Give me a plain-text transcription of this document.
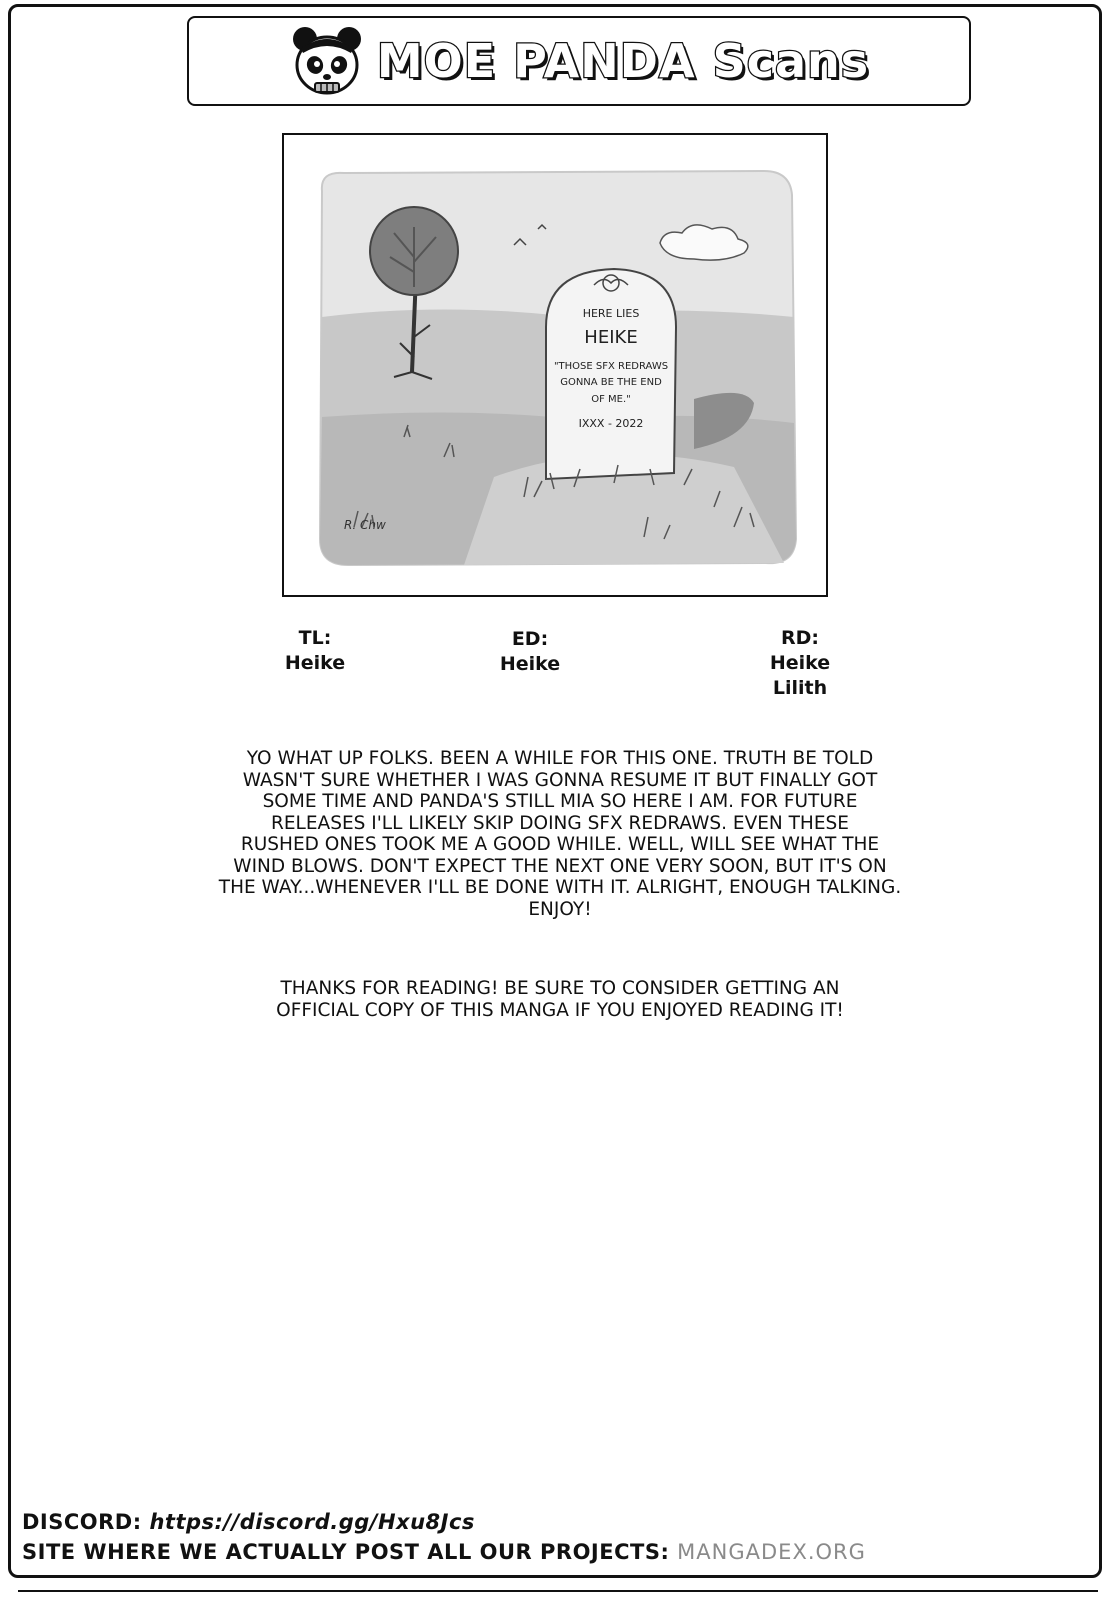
MOE PANDA Scans
HERE LIES
HEIKE
"THOSE SFX REDRAWS
GONNA BE THE END
OF ME."
IXXX - 2022
R. Chw
TL:
Heike
ED:
Heike
RD:
Heike
Lilith
YO WHAT UP FOLKS. BEEN A WHILE FOR THIS ONE. TRUTH BE TOLD
WASN'T SURE WHETHER I WAS GONNA RESUME IT BUT FINALLY GOT
SOME TIME AND PANDA'S STILL MIA SO HERE I AM. FOR FUTURE
RELEASES I'LL LIKELY SKIP DOING SFX REDRAWS. EVEN THESE
RUSHED ONES TOOK ME A GOOD WHILE. WELL, WILL SEE WHAT THE
WIND BLOWS. DON'T EXPECT THE NEXT ONE VERY SOON, BUT IT'S ON
THE WAY...WHENEVER I'LL BE DONE WITH IT. ALRIGHT, ENOUGH TALKING.
ENJOY!
THANKS FOR READING! BE SURE TO CONSIDER GETTING AN
OFFICIAL COPY OF THIS MANGA IF YOU ENJOYED READING IT!
DISCORD: https://discord.gg/Hxu8Jcs
SITE WHERE WE ACTUALLY POST ALL OUR PROJECTS: MANGADEX.ORG
